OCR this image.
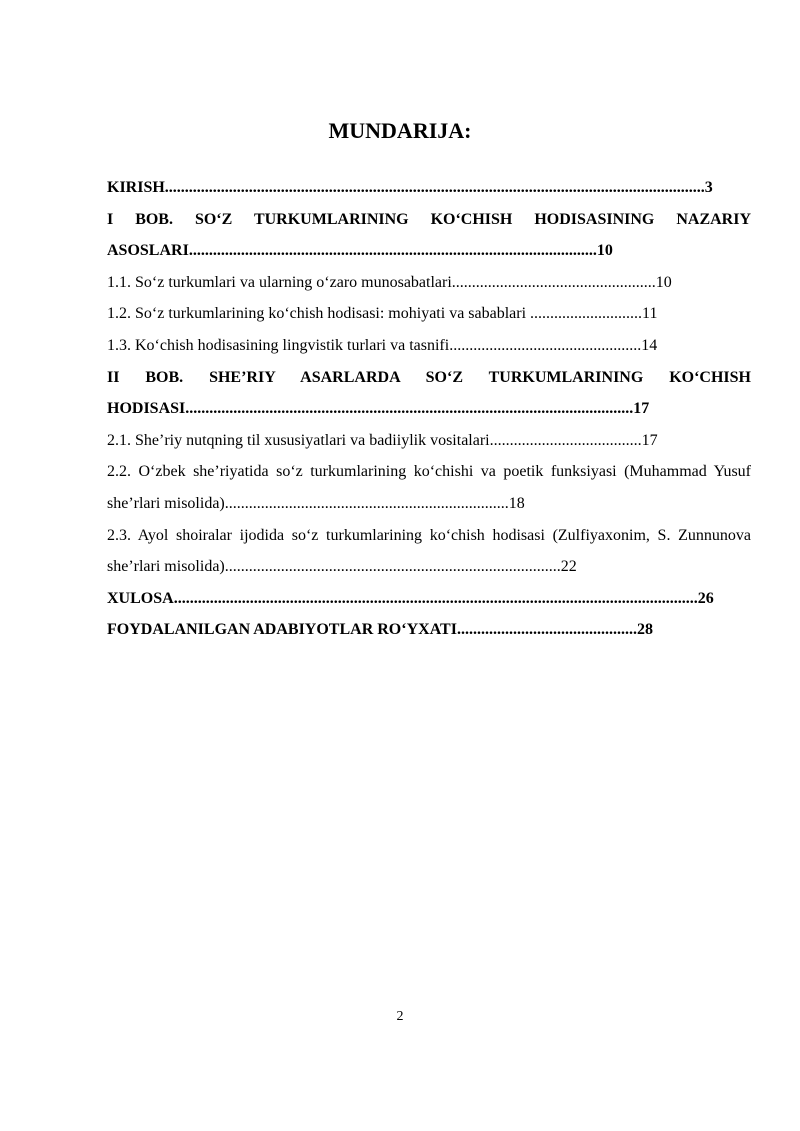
MUNDARIJA:
KIRISH.......................................................................................................................................3
I BOB. SO‘Z TURKUMLARINING KO‘CHISH HODISASINING NAZARIY ASOSLARI......................................................................................................10
1.1. So‘z turkumlari va ularning o‘zaro munosabatlari...................................................10
1.2. So‘z turkumlarining ko‘chish hodisasi: mohiyati va sabablari ............................11
1.3. Ko‘chish hodisasining lingvistik turlari va tasnifi................................................14
II BOB. SHE’RIY ASARLARDA SO‘Z TURKUMLARINING KO‘CHISH HODISASI................................................................................................................17
2.1. She’riy nutqning til xususiyatlari va badiiylik vositalari......................................17
2.2. O‘zbek she’riyatida so‘z turkumlarining ko‘chishi va poetik funksiyasi (Muhammad Yusuf she’rlari misolida).......................................................................18
2.3. Ayol shoiralar ijodida so‘z turkumlarining ko‘chish hodisasi (Zulfiyaxonim, S. Zunnunova she’rlari misolida)....................................................................................22
XULOSA...................................................................................................................................26
FOYDALANILGAN ADABIYOTLAR RO‘YXATI.............................................28
2
